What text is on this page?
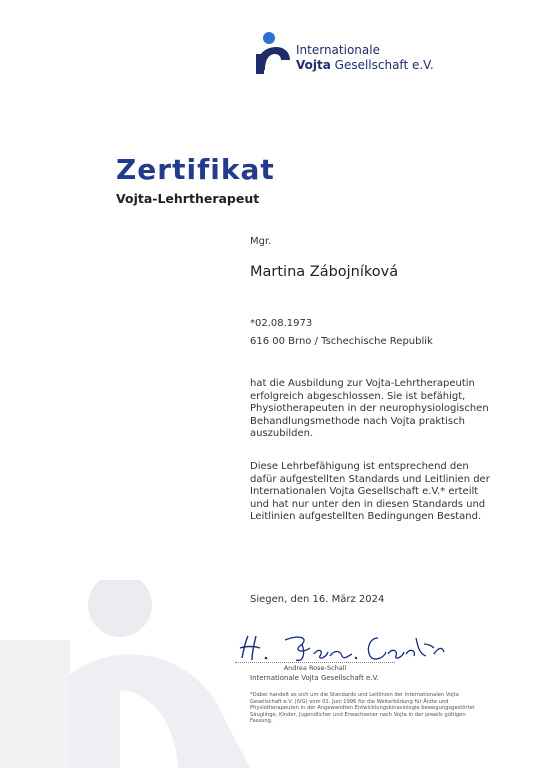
Internationale
Vojta Gesellschaft e.V.
Zertifikat
Vojta-Lehrtherapeut
Mgr.
Martina Zábojníková
*02.08.1973
616 00 Brno / Tschechische Republik
hat die Ausbildung zur Vojta-Lehrtherapeutin erfolgreich abgeschlossen. Sie ist befähigt, Physiotherapeuten in der neurophysiologischen Behandlungsmethode nach Vojta praktisch auszubilden.
Diese Lehrbefähigung ist entsprechend den dafür aufgestellten Standards und Leitlinien der Internationalen Vojta Gesellschaft e.V.* erteilt und hat nur unter den in diesen Standards und Leitlinien aufgestellten Bedingungen Bestand.
Siegen, den 16. März 2024
Andrea Rose-Schall
Internationale Vojta Gesellschaft e.V.
*Dabei handelt es sich um die Standards und Leitlinien der Internationalen Vojta Gesellschaft e.V. (IVG) vom 01. Juni 1996 für die Weiterbildung für Ärzte und Physiotherapeuten in der Angewandten Entwicklungskinesiologie bewegungsgestörter Säuglinge, Kinder, Jugendlicher und Erwachsener nach Vojta in der jeweils gültigen Fassung.
